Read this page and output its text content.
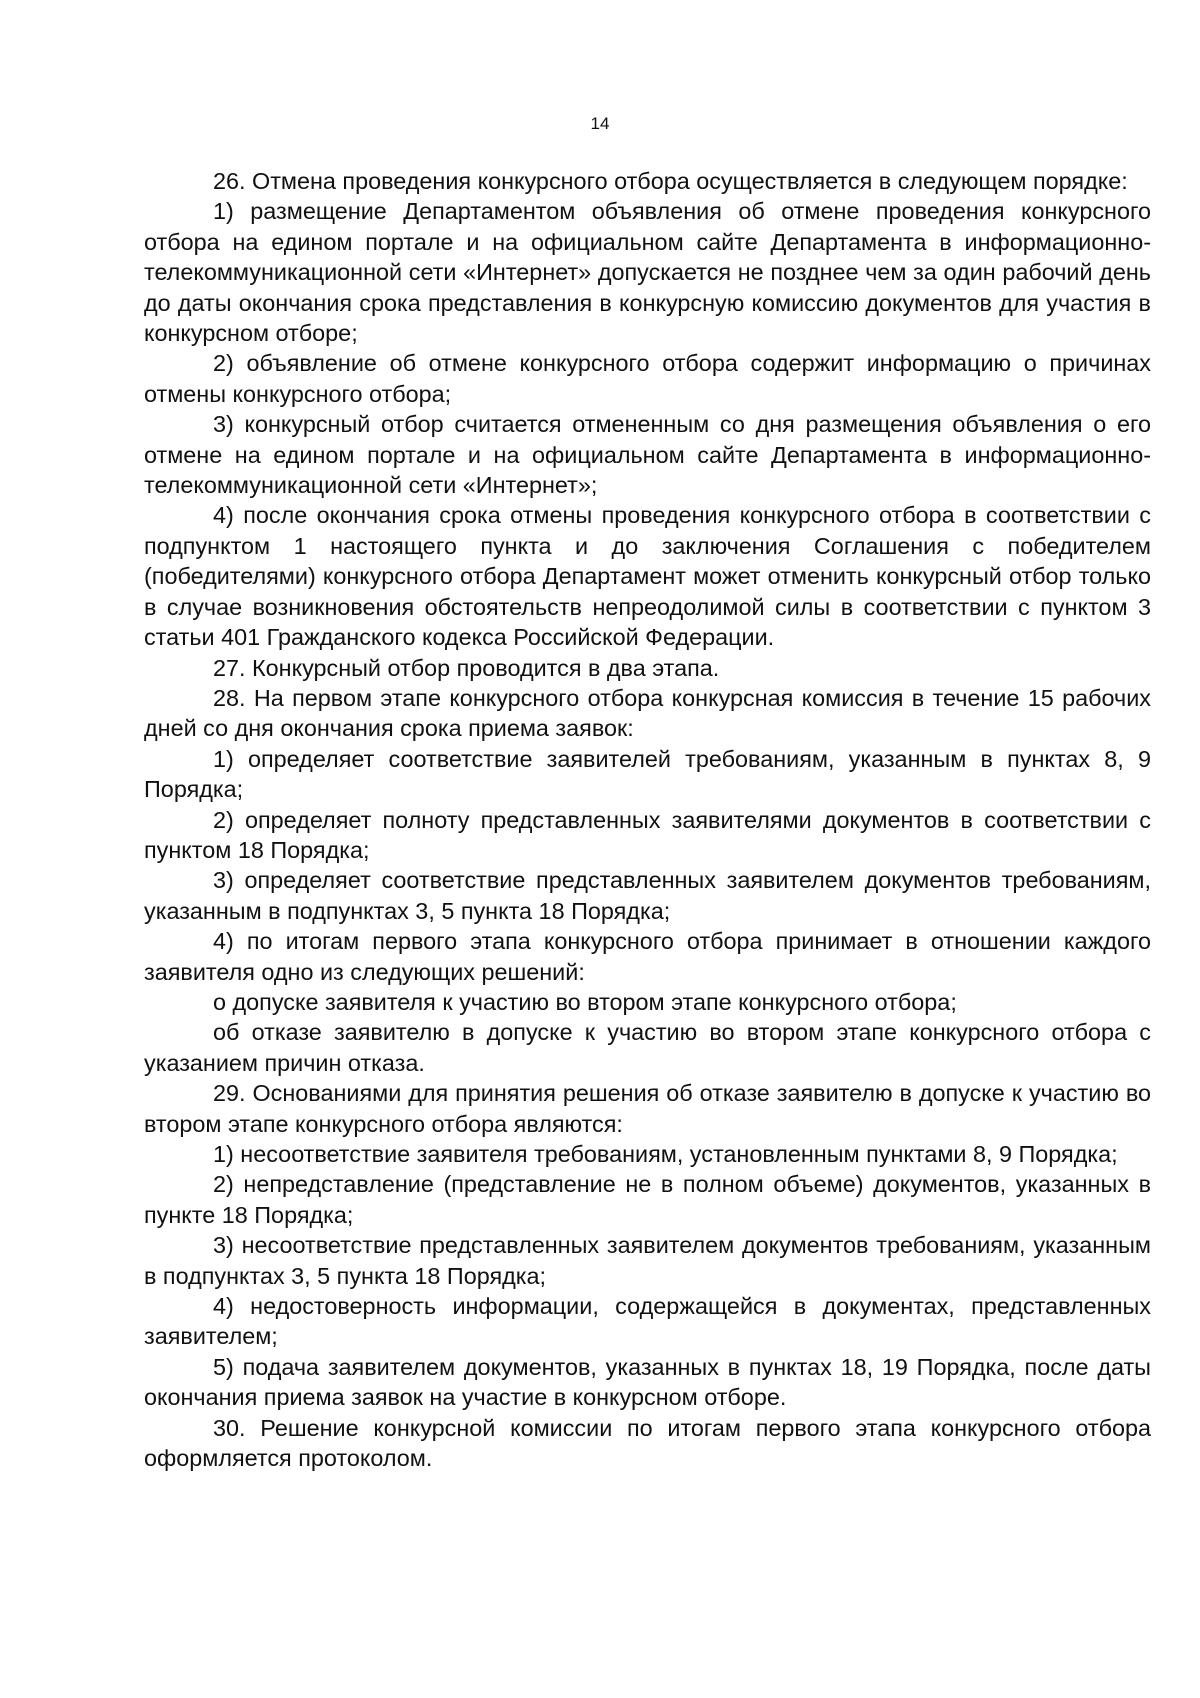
14

26. Отмена проведения конкурсного отбора осуществляется в следующем порядке:

1) размещение Департаментом объявления об отмене проведения конкурсного отбора на едином портале и на официальном сайте Департамента в информационно-телекоммуникационной сети «Интернет» допускается не позднее чем за один рабочий день до даты окончания срока представления в конкурсную комиссию документов для участия в конкурсном отборе;

2) объявление об отмене конкурсного отбора содержит информацию о причинах отмены конкурсного отбора;

3) конкурсный отбор считается отмененным со дня размещения объявления о его отмене на едином портале и на официальном сайте Департамента в информационно-телекоммуникационной сети «Интернет»;

4) после окончания срока отмены проведения конкурсного отбора в соответствии с подпунктом 1 настоящего пункта и до заключения Соглашения с победителем (победителями) конкурсного отбора Департамент может отменить конкурсный отбор только в случае возникновения обстоятельств непреодолимой силы в соответствии с пунктом 3 статьи 401 Гражданского кодекса Российской Федерации.

27. Конкурсный отбор проводится в два этапа.

28. На первом этапе конкурсного отбора конкурсная комиссия в течение 15 рабочих дней со дня окончания срока приема заявок:

1) определяет соответствие заявителей требованиям, указанным в пунктах 8, 9 Порядка;

2) определяет полноту представленных заявителями документов в соответствии с пунктом 18 Порядка;

3) определяет соответствие представленных заявителем документов требованиям, указанным в подпунктах 3, 5 пункта 18 Порядка;

4) по итогам первого этапа конкурсного отбора принимает в отношении каждого заявителя одно из следующих решений:

о допуске заявителя к участию во втором этапе конкурсного отбора;

об отказе заявителю в допуске к участию во втором этапе конкурсного отбора с указанием причин отказа.

29. Основаниями для принятия решения об отказе заявителю в допуске к участию во втором этапе конкурсного отбора являются:

1) несоответствие заявителя требованиям, установленным пунктами 8, 9 Порядка;

2) непредставление (представление не в полном объеме) документов, указанных в пункте 18 Порядка;

3) несоответствие представленных заявителем документов требованиям, указанным в подпунктах 3, 5 пункта 18 Порядка;

4) недостоверность информации, содержащейся в документах, представленных заявителем;

5) подача заявителем документов, указанных в пунктах 18, 19 Порядка, после даты окончания приема заявок на участие в конкурсном отборе.

30. Решение конкурсной комиссии по итогам первого этапа конкурсного отбора оформляется протоколом.
